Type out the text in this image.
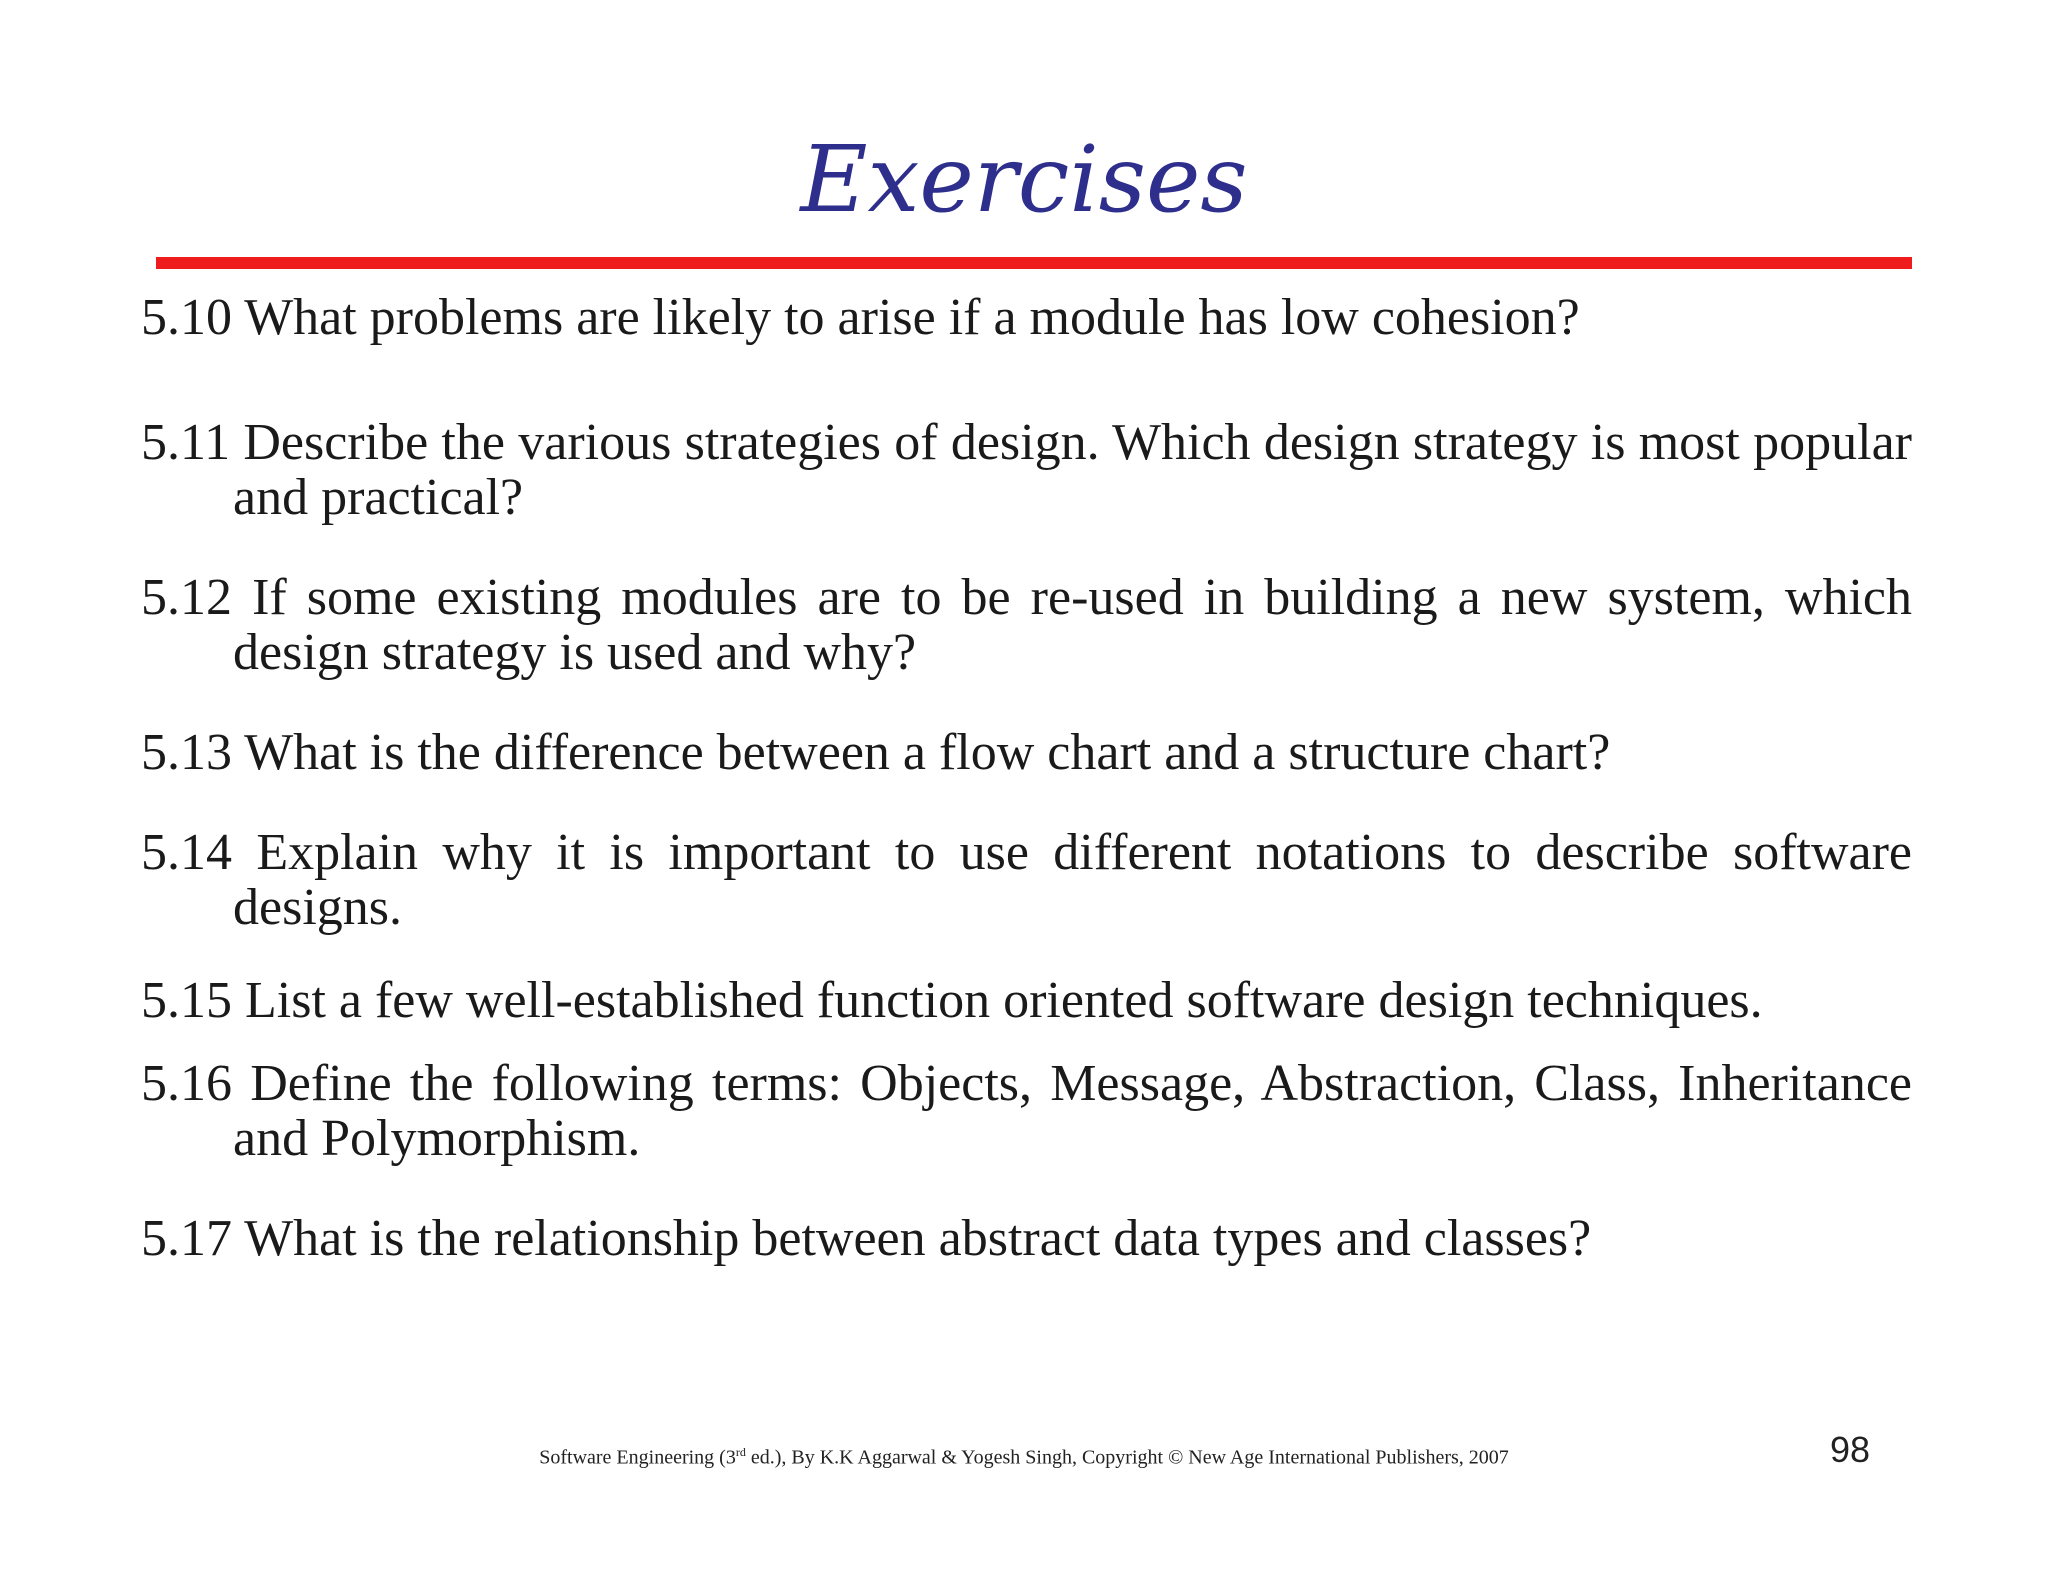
Exercises
5.10 What problems are likely to arise if a module has low cohesion?
5.11 Describe the various strategies of design. Which design strategy is most popular and practical?
5.12 If some existing modules are to be re-used in building a new system, which design strategy is used and why?
5.13 What is the difference between a flow chart and a structure chart?
5.14 Explain why it is important to use different notations to describe software designs.
5.15 List a few well-established function oriented software design techniques.
5.16 Define the following terms: Objects, Message, Abstraction, Class, Inheritance and Polymorphism.
5.17 What is the relationship between abstract data types and classes?
Software Engineering (3rd ed.), By K.K Aggarwal & Yogesh Singh, Copyright © New Age International Publishers, 2007	98
